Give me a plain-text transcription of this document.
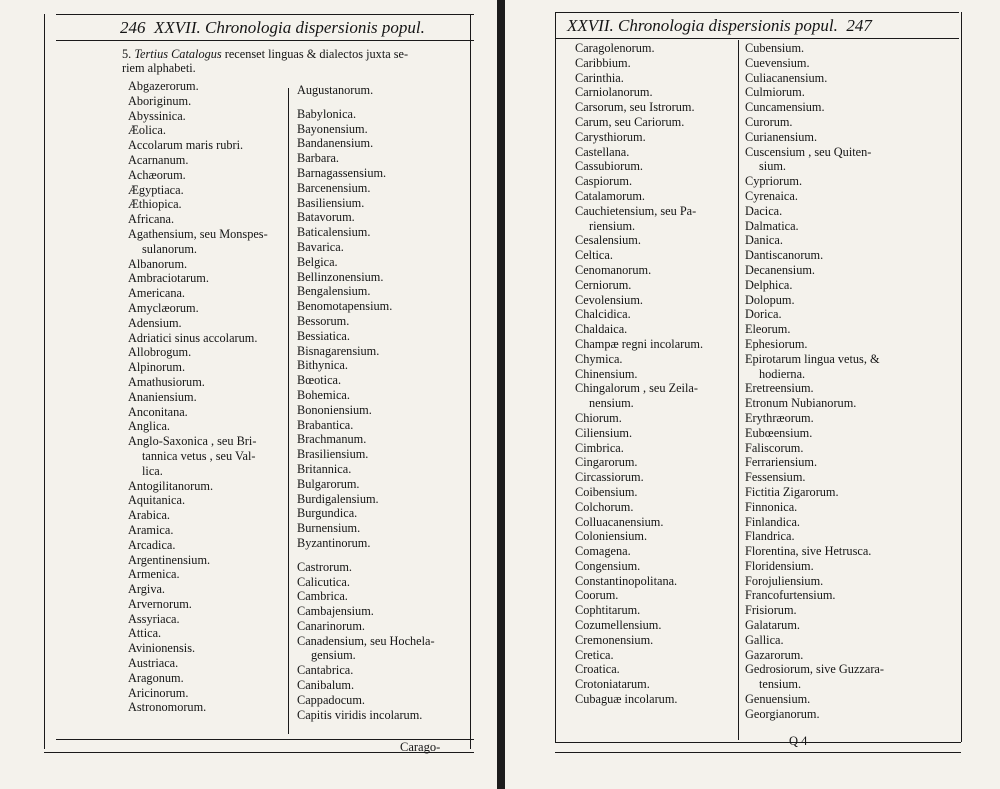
246 XXVII. Chronologia dispersionis popul.
5. Tertius Catalogus recenset linguas & dialectos juxta se-
riem alphabeti.
Abgazerorum.
Aboriginum.
Abyssinica.
Æolica.
Accolarum maris rubri.
Acarnanum.
Achæorum.
Ægyptiaca.
Æthiopica.
Africana.
Agathensium, seu Monspes-
sulanorum.
Albanorum.
Ambraciotarum.
Americana.
Amyclæorum.
Adensium.
Adriatici sinus accolarum.
Allobrogum.
Alpinorum.
Amathusiorum.
Ananiensium.
Anconitana.
Anglica.
Anglo-Saxonica , seu Bri-
tannica vetus , seu Val-
lica.
Antogilitanorum.
Aquitanica.
Arabica.
Aramica.
Arcadica.
Argentinensium.
Armenica.
Argiva.
Arvernorum.
Assyriaca.
Attica.
Avinionensis.
Austriaca.
Aragonum.
Aricinorum.
Astronomorum.
Augustanorum.
Babylonica.
Bayonensium.
Bandanensium.
Barbara.
Barnagassensium.
Barcenensium.
Basiliensium.
Batavorum.
Baticalensium.
Bavarica.
Belgica.
Bellinzonensium.
Bengalensium.
Benomotapensium.
Bessorum.
Bessiatica.
Bisnagarensium.
Bithynica.
Bœotica.
Bohemica.
Bononiensium.
Brabantica.
Brachmanum.
Brasiliensium.
Britannica.
Bulgarorum.
Burdigalensium.
Burgundica.
Burnensium.
Byzantinorum.
Castrorum.
Calicutica.
Cambrica.
Cambajensium.
Canarinorum.
Canadensium, seu Hochela-
gensium.
Cantabrica.
Canibalum.
Cappadocum.
Capitis viridis incolarum.
Carago-
XXVII. Chronologia dispersionis popul. 247
Caragolenorum.
Caribbium.
Carinthia.
Carniolanorum.
Carsorum, seu Istrorum.
Carum, seu Cariorum.
Carysthiorum.
Castellana.
Cassubiorum.
Caspiorum.
Catalamorum.
Cauchietensium, seu Pa-
riensium.
Cesalensium.
Celtica.
Cenomanorum.
Cerniorum.
Cevolensium.
Chalcidica.
Chaldaica.
Champæ regni incolarum.
Chymica.
Chinensium.
Chingalorum , seu Zeila-
nensium.
Chiorum.
Ciliensium.
Cimbrica.
Cingarorum.
Circassiorum.
Coibensium.
Colchorum.
Colluacanensium.
Coloniensium.
Comagena.
Congensium.
Constantinopolitana.
Coorum.
Cophtitarum.
Cozumellensium.
Cremonensium.
Cretica.
Croatica.
Crotoniatarum.
Cubaguæ incolarum.
Cubensium.
Cuevensium.
Culiacanensium.
Culmiorum.
Cuncamensium.
Curorum.
Curianensium.
Cuscensium , seu Quiten-
sium.
Cypriorum.
Cyrenaica.
Dacica.
Dalmatica.
Danica.
Dantiscanorum.
Decanensium.
Delphica.
Dolopum.
Dorica.
Eleorum.
Ephesiorum.
Epirotarum lingua vetus, &
hodierna.
Eretreensium.
Etronum Nubianorum.
Erythræorum.
Eubœensium.
Faliscorum.
Ferrariensium.
Fessensium.
Fictitia Zigarorum.
Finnonica.
Finlandica.
Flandrica.
Florentina, sive Hetrusca.
Floridensium.
Forojuliensium.
Francofurtensium.
Frisiorum.
Galatarum.
Gallica.
Gazarorum.
Gedrosiorum, sive Guzzara-
tensium.
Genuensium.
Georgianorum.
Q 4
